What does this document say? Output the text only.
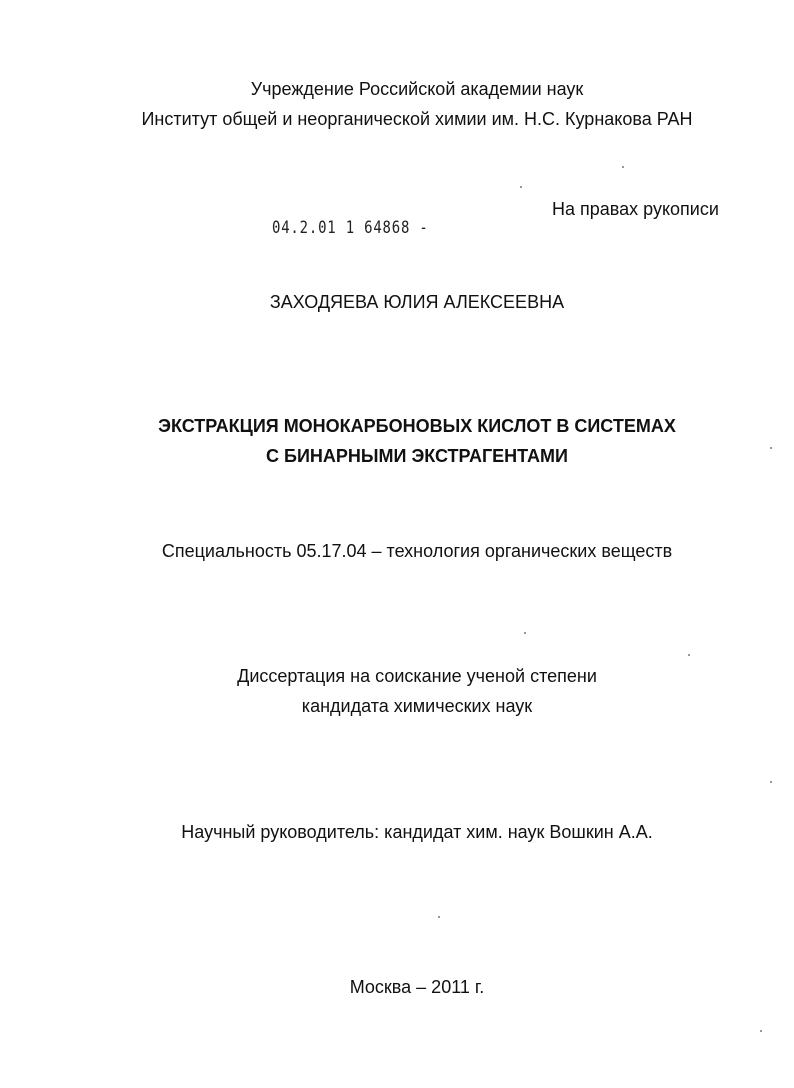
Учреждение Российской академии наук
Институт общей и неорганической химии им. Н.С. Курнакова РАН
На правах рукописи
04.2.01 1 64868 -
ЗАХОДЯЕВА ЮЛИЯ АЛЕКСЕЕВНА
ЭКСТРАКЦИЯ МОНОКАРБОНОВЫХ КИСЛОТ В СИСТЕМАХ
С БИНАРНЫМИ ЭКСТРАГЕНТАМИ
Специальность 05.17.04 – технология органических веществ
Диссертация на соискание ученой степени
кандидата химических наук
Научный руководитель: кандидат хим. наук Вошкин А.А.
Москва – 2011 г.
